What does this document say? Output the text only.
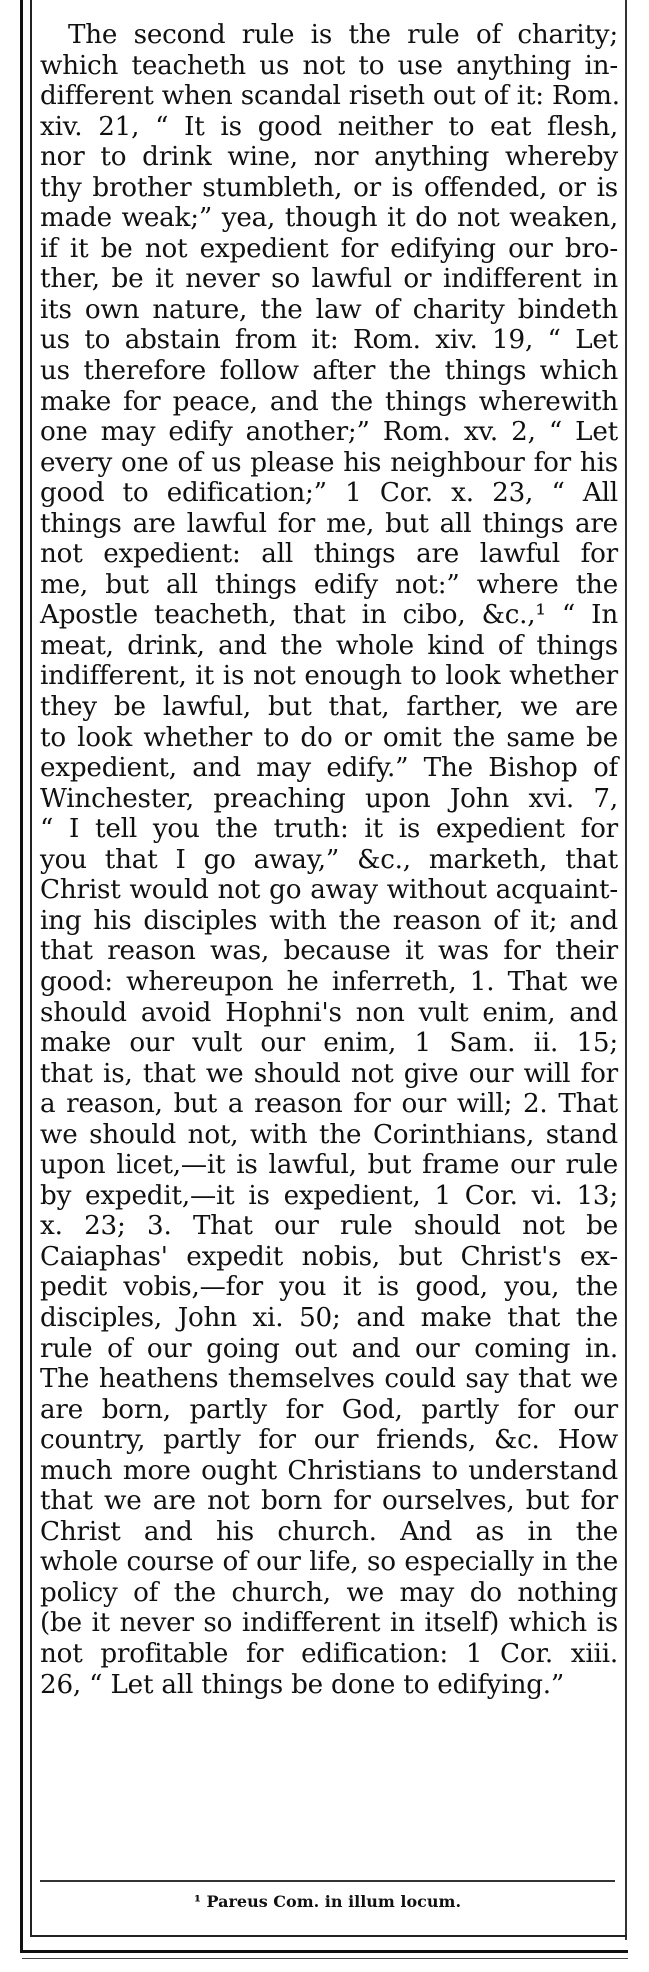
The second rule is the rule of charity;
which teacheth us not to use anything in-
different when scandal riseth out of it: Rom.
xiv. 21, “ It is good neither to eat flesh,
nor to drink wine, nor anything whereby
thy brother stumbleth, or is offended, or is
made weak;” yea, though it do not weaken,
if it be not expedient for edifying our bro-
ther, be it never so lawful or indifferent in
its own nature, the law of charity bindeth
us to abstain from it: Rom. xiv. 19, “ Let
us therefore follow after the things which
make for peace, and the things wherewith
one may edify another;” Rom. xv. 2, “ Let
every one of us please his neighbour for his
good to edification;” 1 Cor. x. 23, “ All
things are lawful for me, but all things are
not expedient: all things are lawful for
me, but all things edify not:” where the
Apostle teacheth, that in cibo, &c.,¹ “ In
meat, drink, and the whole kind of things
indifferent, it is not enough to look whether
they be lawful, but that, farther, we are
to look whether to do or omit the same be
expedient, and may edify.” The Bishop of
Winchester, preaching upon John xvi. 7,
“ I tell you the truth: it is expedient for
you that I go away,” &c., marketh, that
Christ would not go away without acquaint-
ing his disciples with the reason of it; and
that reason was, because it was for their
good: whereupon he inferreth, 1. That we
should avoid Hophni's non vult enim, and
make our vult our enim, 1 Sam. ii. 15;
that is, that we should not give our will for
a reason, but a reason for our will; 2. That
we should not, with the Corinthians, stand
upon licet,—it is lawful, but frame our rule
by expedit,—it is expedient, 1 Cor. vi. 13;
x. 23; 3. That our rule should not be
Caiaphas' expedit nobis, but Christ's ex-
pedit vobis,—for you it is good, you, the
disciples, John xi. 50; and make that the
rule of our going out and our coming in.
The heathens themselves could say that we
are born, partly for God, partly for our
country, partly for our friends, &c. How
much more ought Christians to understand
that we are not born for ourselves, but for
Christ and his church. And as in the
whole course of our life, so especially in the
policy of the church, we may do nothing
(be it never so indifferent in itself) which is
not profitable for edification: 1 Cor. xiii.
26, “ Let all things be done to edifying.”
¹ Pareus Com. in illum locum.
